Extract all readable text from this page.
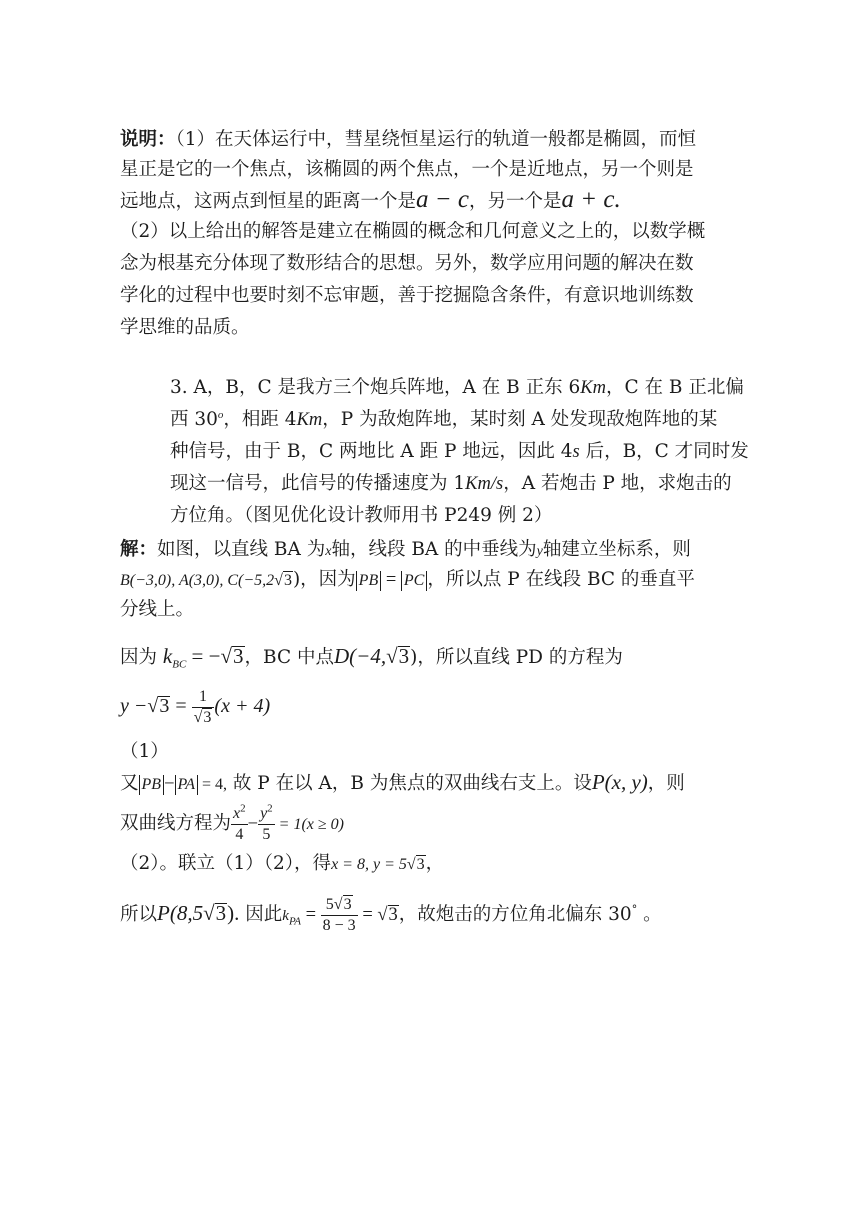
说明：（1）在天体运行中，彗星绕恒星运行的轨道一般都是椭圆，而恒
星正是它的一个焦点，该椭圆的两个焦点，一个是近地点，另一个则是
远地点，这两点到恒星的距离一个是a − c，另一个是a + c.
（2）以上给出的解答是建立在椭圆的概念和几何意义之上的，以数学概
念为根基充分体现了数形结合的思想。另外，数学应用问题的解决在数
学化的过程中也要时刻不忘审题，善于挖掘隐含条件，有意识地训练数
学思维的品质。
3. A，B，C 是我方三个炮兵阵地，A 在 B 正东 6Km，C 在 B 正北偏
西 30$^o$，相距 4Km，P 为敌炮阵地，某时刻 A 处发现敌炮阵地的某
种信号，由于 B，C 两地比 A 距 P 地远，因此 4s 后，B，C 才同时发
现这一信号，此信号的传播速度为 1Km/s，A 若炮击 P 地，求炮击的
方位角。（图见优化设计教师用书 P249 例 2）
解：如图，以直线 BA 为x轴，线段 BA 的中垂线为y轴建立坐标系，则
B(−3,0), A(3,0), C(−5,2√3)，因为 PB = PC ，所以点 P 在线段 BC 的垂直平
分线上。
因为 $k_{BC} = -√3$，BC 中点D(−4,√3)，所以直线 PD 的方程为
$y -√3 = \frac{1}{√3} (x + 4)$
（1）
又 PB − PA = 4, 故 P 在以 A，B 为焦点的双曲线右支上。设P(x, y)，则
双曲线方程为 $\frac{x^2}{4} - \frac{y^2}{5} = 1(x \ge 0)$
（2）。联立（1）（2），得x = 8, y = 5√3，
所以P(8,5√3). 因此$k_{PA} = \frac{5√3}{8 - 3} = √3$，故炮击的方位角北偏东 30° 。
